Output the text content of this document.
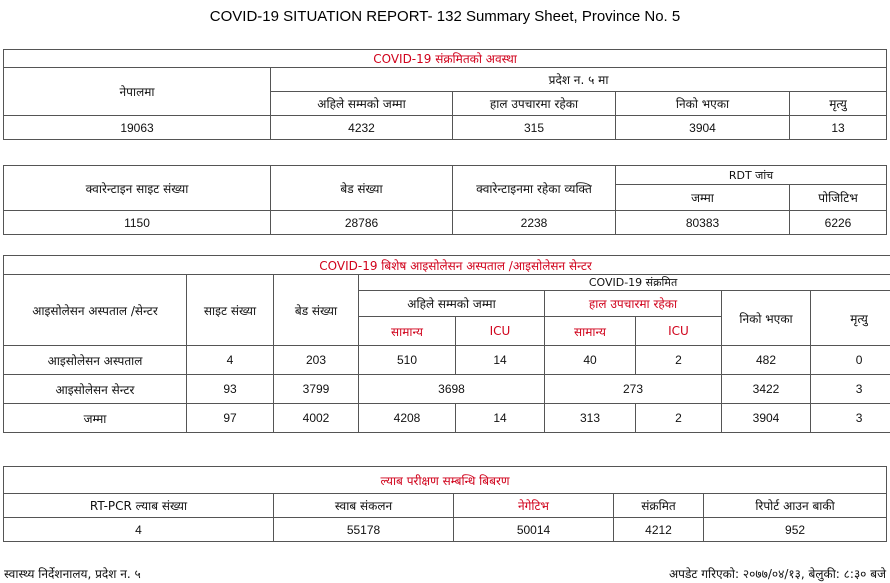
COVID-19 SITUATION REPORT- 132 Summary Sheet, Province No. 5
COVID-19 संक्रमितको अवस्था				
नेपालमा	प्रदेश न. ५ मा			
	अहिले सम्मको जम्मा	हाल उपचारमा रहेका	निको भएका	मृत्यु
19063	4232	315	3904	13
क्वारेन्टाइन साइट संख्या	बेड संख्या	क्वारेन्टाइनमा रहेका व्यक्ति	RDT जांच	
			जम्मा	पोजिटिभ
1150	28786	2238	80383	6226
COVID-19 बिशेष आइसोलेसन अस्पताल /आइसोलेसन सेन्टर								
आइसोलेसन अस्पताल /सेन्टर	साइट संख्या	बेड संख्या	COVID-19 संक्रमित					
			अहिले सम्मको जम्मा		हाल उपचारमा रहेका		निको भएका	मृत्यु
			सामान्य	ICU	सामान्य	ICU		
आइसोलेसन अस्पताल	4	203	510	14	40	2	482	0
आइसोलेसन सेन्टर	93	3799	3698		273		3422	3
जम्मा	97	4002	4208	14	313	2	3904	3
ल्याब परीक्षण सम्बन्धि बिबरण				
RT-PCR ल्याब संख्या	स्वाब संकलन	नेगेटिभ	संक्रमित	रिपोर्ट आउन बाकी
4	55178	50014	4212	952
स्वास्थ्य निर्देशनालय, प्रदेश न. ५	अपडेट गरिएको: २०७७/०४/१३, बेलुकी: ८:३० बजे
